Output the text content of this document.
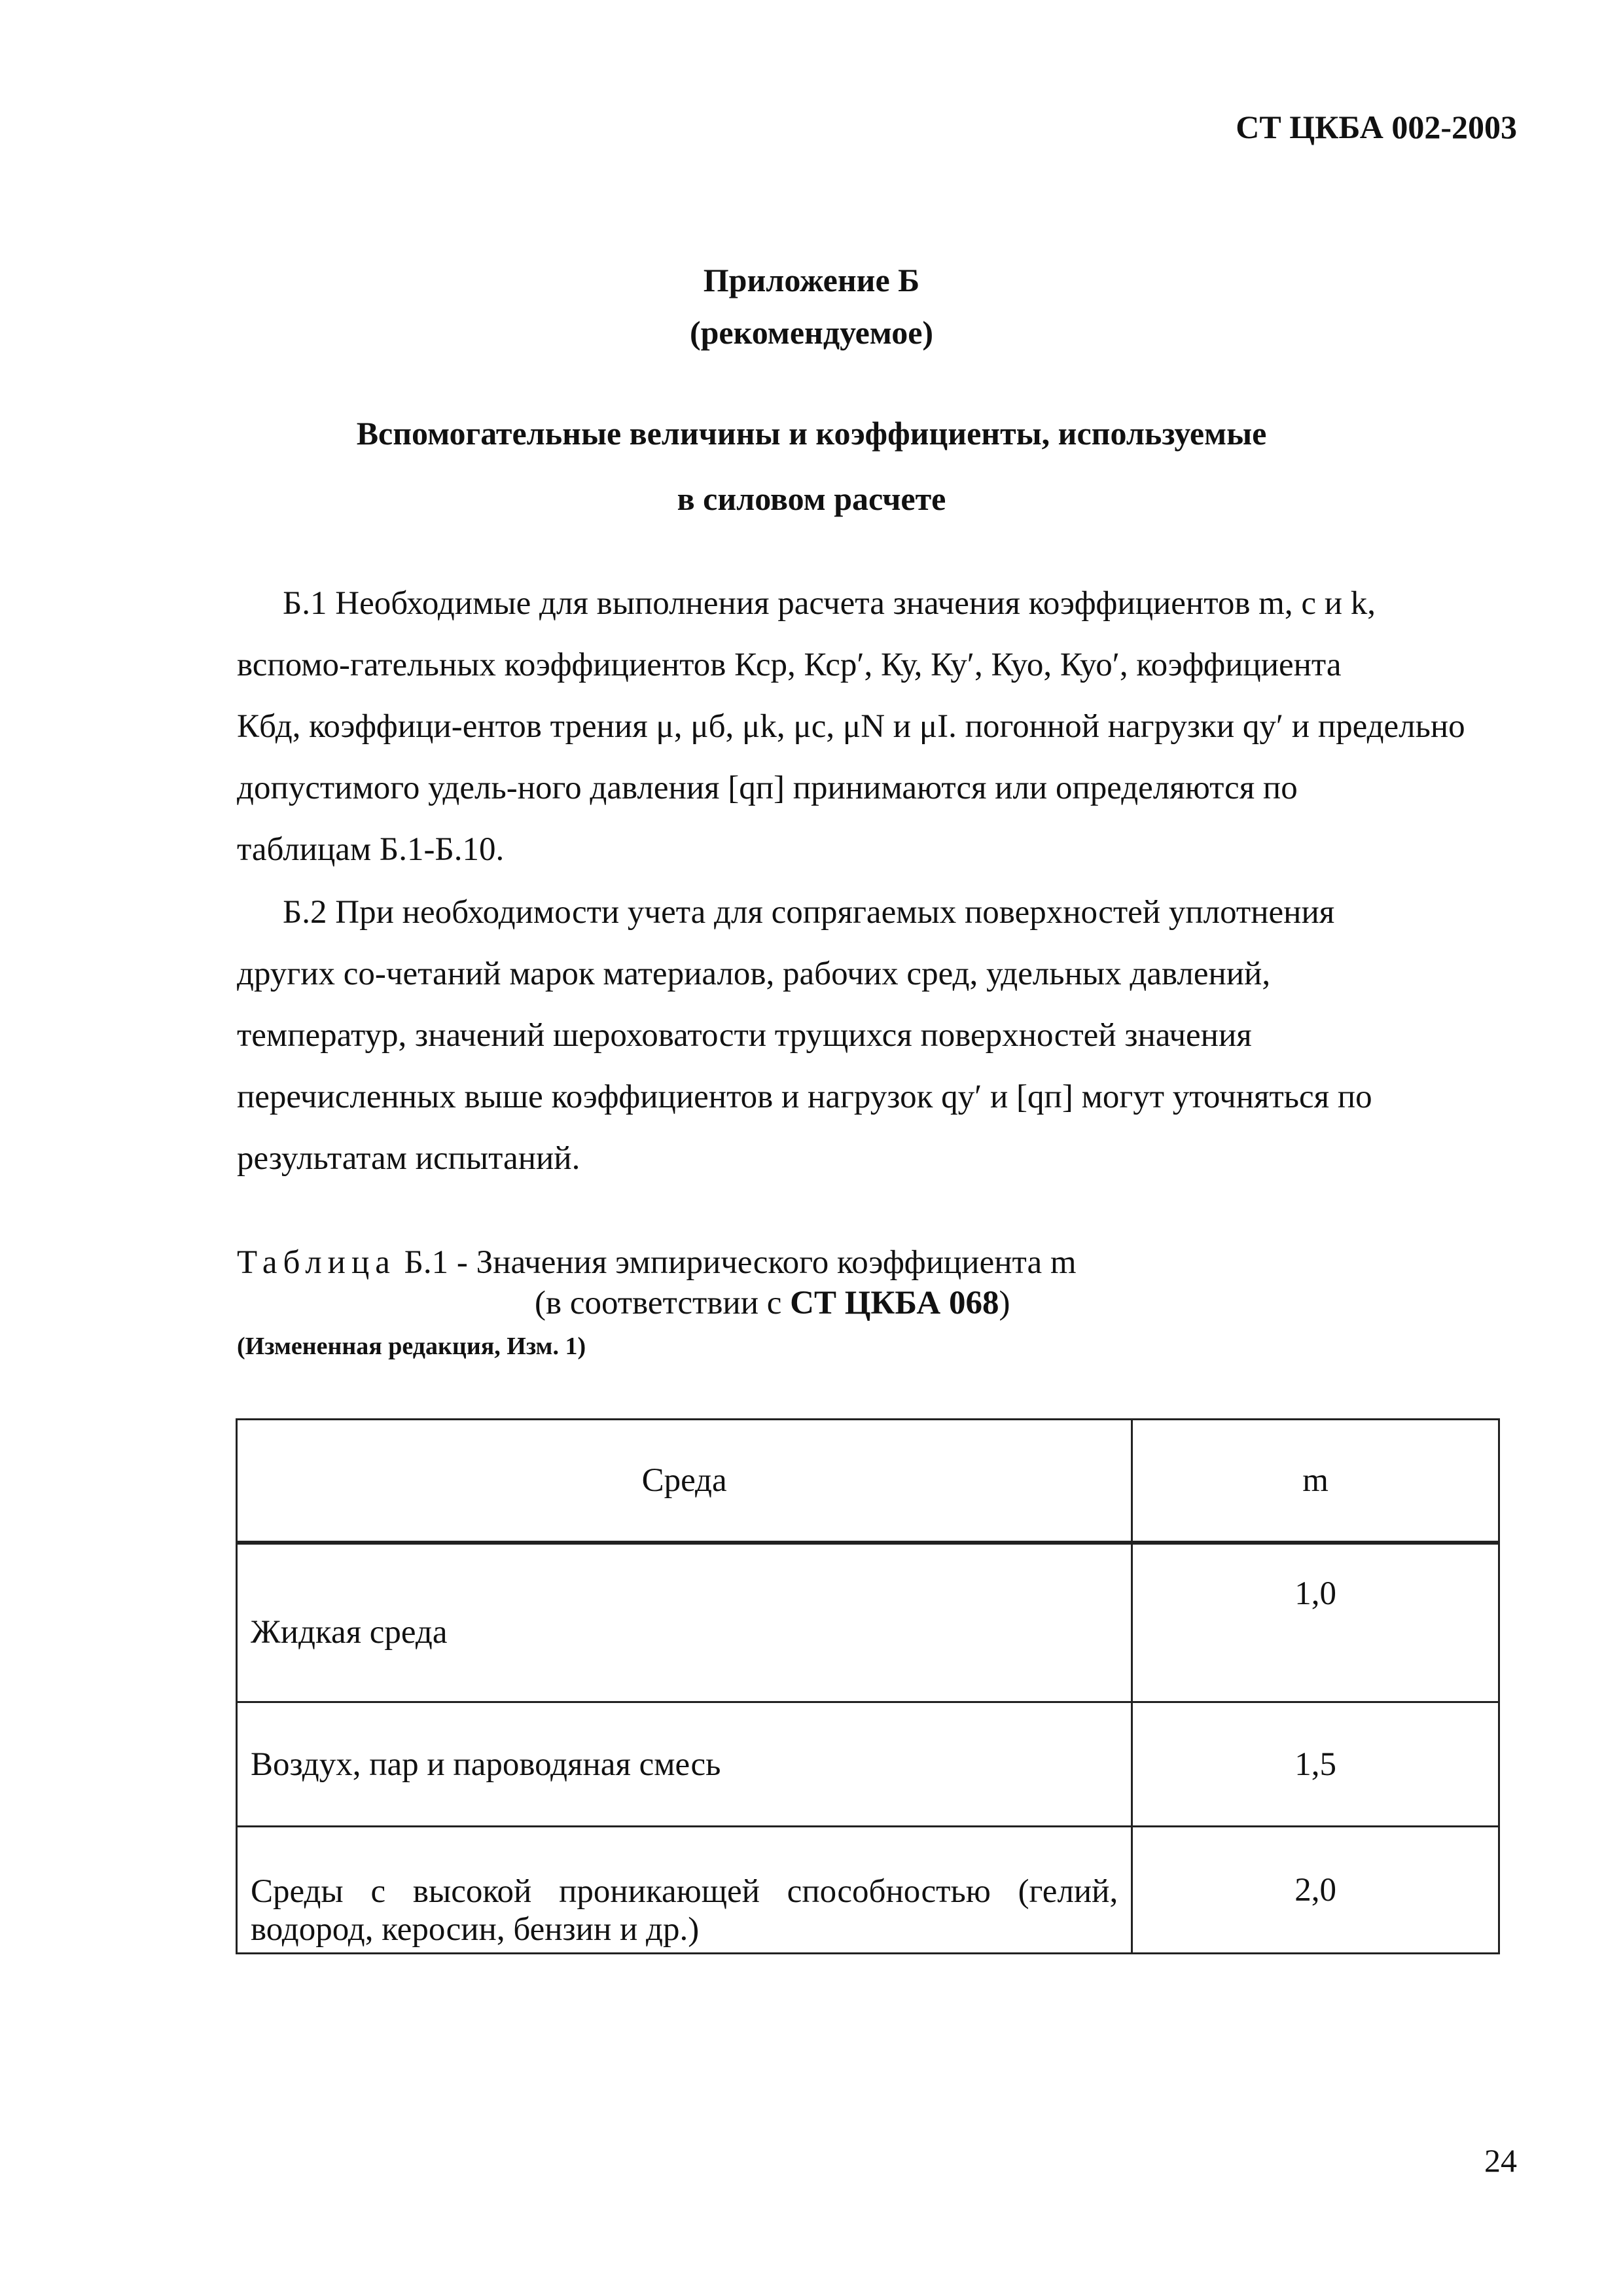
СТ ЦКБА 002-2003
Приложение Б
(рекомендуемое)
Вспомогательные величины и коэффициенты, используемые
в силовом расчете

Б.1 Необходимые для выполнения расчета значения коэффициентов m, с и k,
вспомо-гательных коэффициентов Кср, Кср′, Ку, Ку′, Куо, Куо′, коэффициента
Кбд, коэффици-ентов трения μ, μб, μk, μc, μN и μI. погонной нагрузки qy′ и предельно
допустимого удель-ного давления [qп] принимаются или определяются по
таблицам Б.1-Б.10.

Б.2 При необходимости учета для сопрягаемых поверхностей уплотнения
других со-четаний марок материалов, рабочих сред, удельных давлений,
температур, значений шероховатости трущихся поверхностей значения
перечисленных выше коэффициентов и нагрузок qy′ и [qп] могут уточняться по
результатам испытаний.

Таблица Б.1 - Значения эмпирического коэффициента m
(в соответствии с СТ ЦКБА 068)
(Измененная редакция, Изм. 1)
Среда	m
Жидкая среда	1,0
Воздух, пар и пароводяная смесь	1,5
Среды с высокой проникающей способностью (гелий, водород, керосин, бензин и др.)	2,0
24
